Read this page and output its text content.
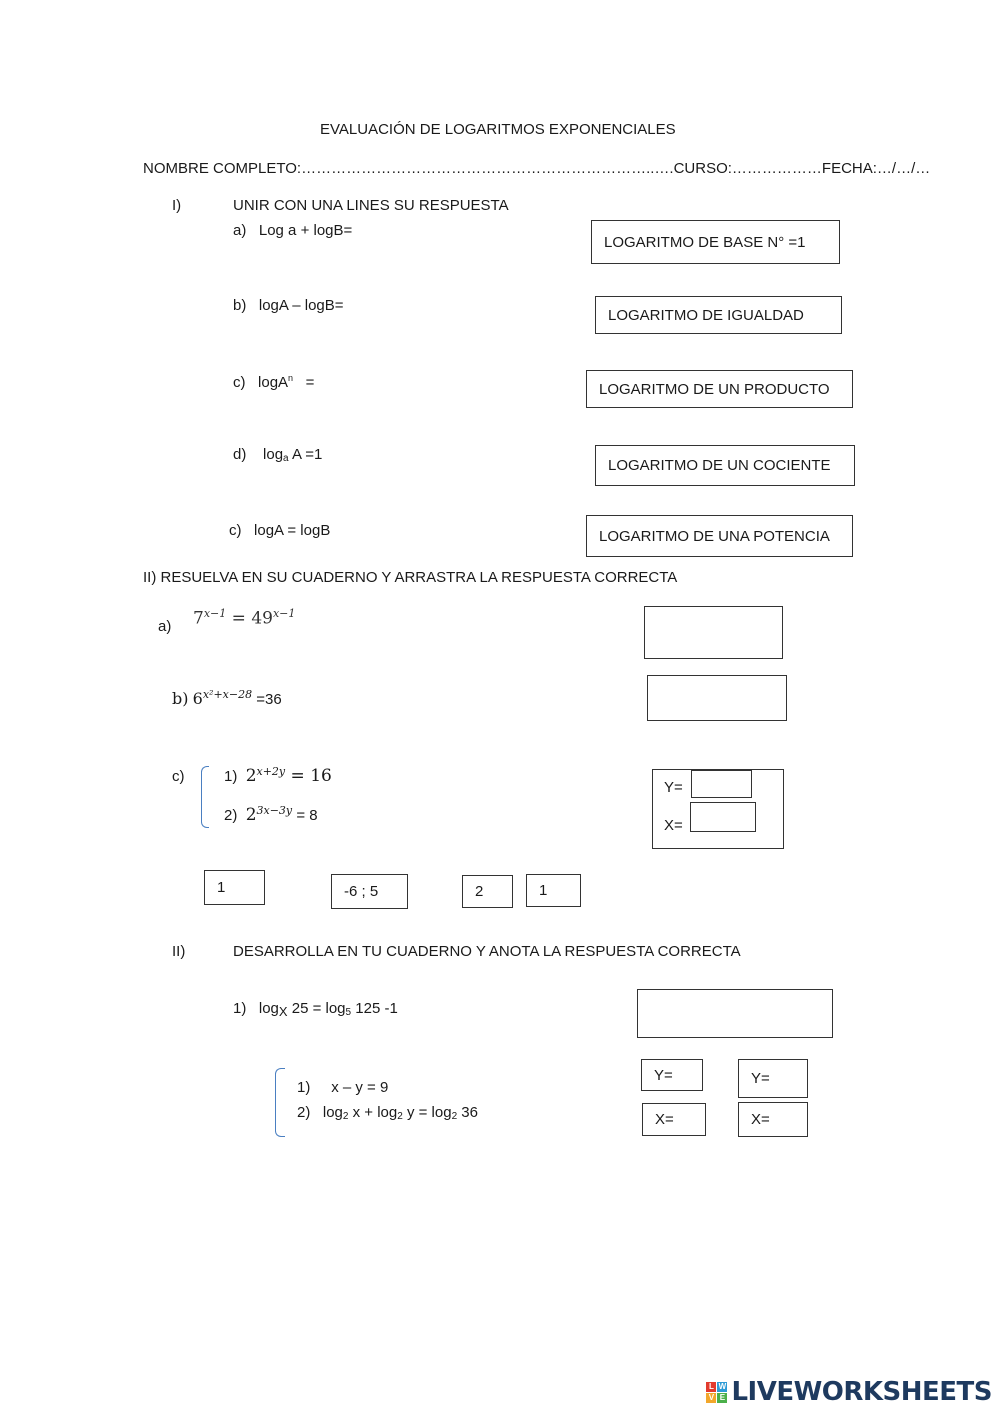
EVALUACIÓN DE LOGARITMOS EXPONENCIALES
NOMBRE COMPLETO:……………………………………………………………..….CURSO:………………FECHA:…/…/…
I)	UNIR CON UNA LINES SU RESPUESTA
a) Log a + logB=
b) logA – logB=
c) logA$^n$ =
d) $\log_a A =1$
c) logA = logB
LOGARITMO DE BASE N° =1
LOGARITMO DE IGUALDAD
LOGARITMO DE UN PRODUCTO
LOGARITMO DE UN COCIENTE
LOGARITMO DE UNA POTENCIA
II) RESUELVA EN SU CUADERNO Y ARRASTRA LA RESPUESTA CORRECTA
a) $7^{x-1} = 49^{x-1}$
b) $6^{x^2+x-28} =36$
c)	1) $2^{x+2y} = 16$
2) $2^{3x-3y} = 8$
Y=
X=
1	-6 ; 5	2	1
II)	DESARROLLA EN TU CUADERNO Y ANOTA LA RESPUESTA CORRECTA
1) $\log_X 25 = \log_5 125$ -1
1) x – y = 9
2) $\log_2 x + \log_2 y = \log_2 36$
Y=	Y=
X=	X=
L W
V E LIVEWORKSHEETS
